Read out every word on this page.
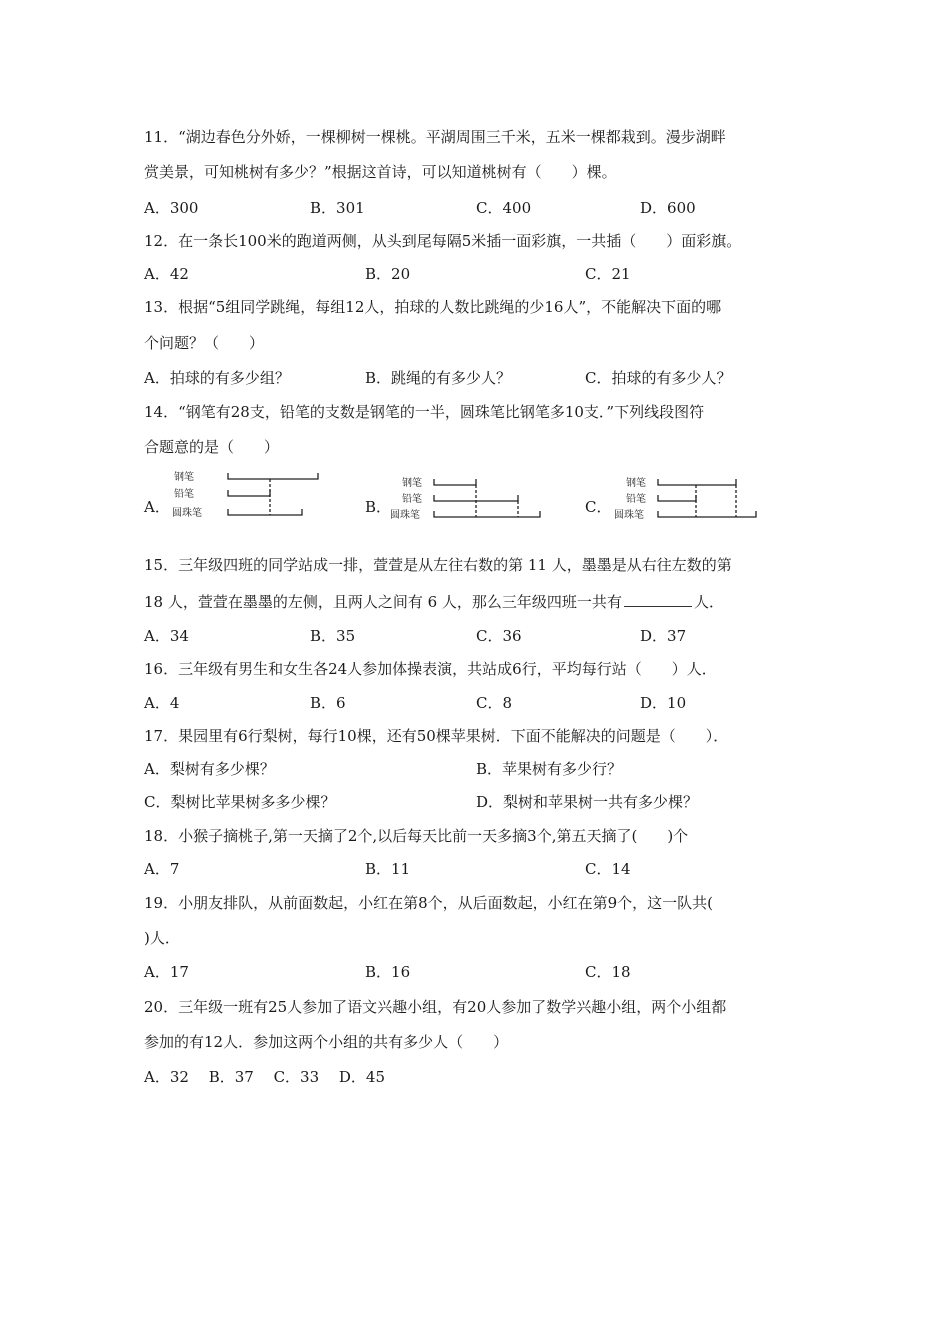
11．“湖边春色分外娇，一棵柳树一棵桃。平湖周围三千米，五米一棵都栽到。漫步湖畔
赏美景，可知桃树有多少？”根据这首诗，可以知道桃树有（　　）棵。
A．300	B．301	C．400	D．600
12．在一条长100米的跑道两侧，从头到尾每隔5米插一面彩旗，一共插（　　）面彩旗。
A．42	B．20	C．21
13．根据“5组同学跳绳，每组12人，拍球的人数比跳绳的少16人”，不能解决下面的哪
个问题？（　　）
A．拍球的有多少组？	B．跳绳的有多少人？	C．拍球的有多少人？
14．“钢笔有28支，铅笔的支数是钢笔的一半，圆珠笔比钢笔多10支．”下列线段图符
合题意的是（　　）
A．
钢笔
铅笔
圆珠笔	B．
钢笔
铅笔
圆珠笔	C．
钢笔
铅笔
圆珠笔
15．三年级四班的同学站成一排，萱萱是从左往右数的第 11 人，墨墨是从右往左数的第
18 人，萱萱在墨墨的左侧，且两人之间有 6 人，那么三年级四班一共有	人．
A．34	B．35	C．36	D．37
16．三年级有男生和女生各24人参加体操表演，共站成6行，平均每行站（　　）人．
A．4	B．6	C．8	D．10
17．果园里有6行梨树，每行10棵，还有50棵苹果树．下面不能解决的问题是（　　）．
A．梨树有多少棵？	B．苹果树有多少行？
C．梨树比苹果树多多少棵？	D．梨树和苹果树一共有多少棵？
18．小猴子摘桃子,第一天摘了2个,以后每天比前一天多摘3个,第五天摘了(　　)个
A．7	B．11	C．14
19．小朋友排队，从前面数起，小红在第8个，从后面数起，小红在第9个，这一队共(
)人．
A．17	B．16	C．18
20．三年级一班有25人参加了语文兴趣小组，有20人参加了数学兴趣小组，两个小组都
参加的有12人．参加这两个小组的共有多少人（　　）
A．32　 B．37　 C．33　 D．45
